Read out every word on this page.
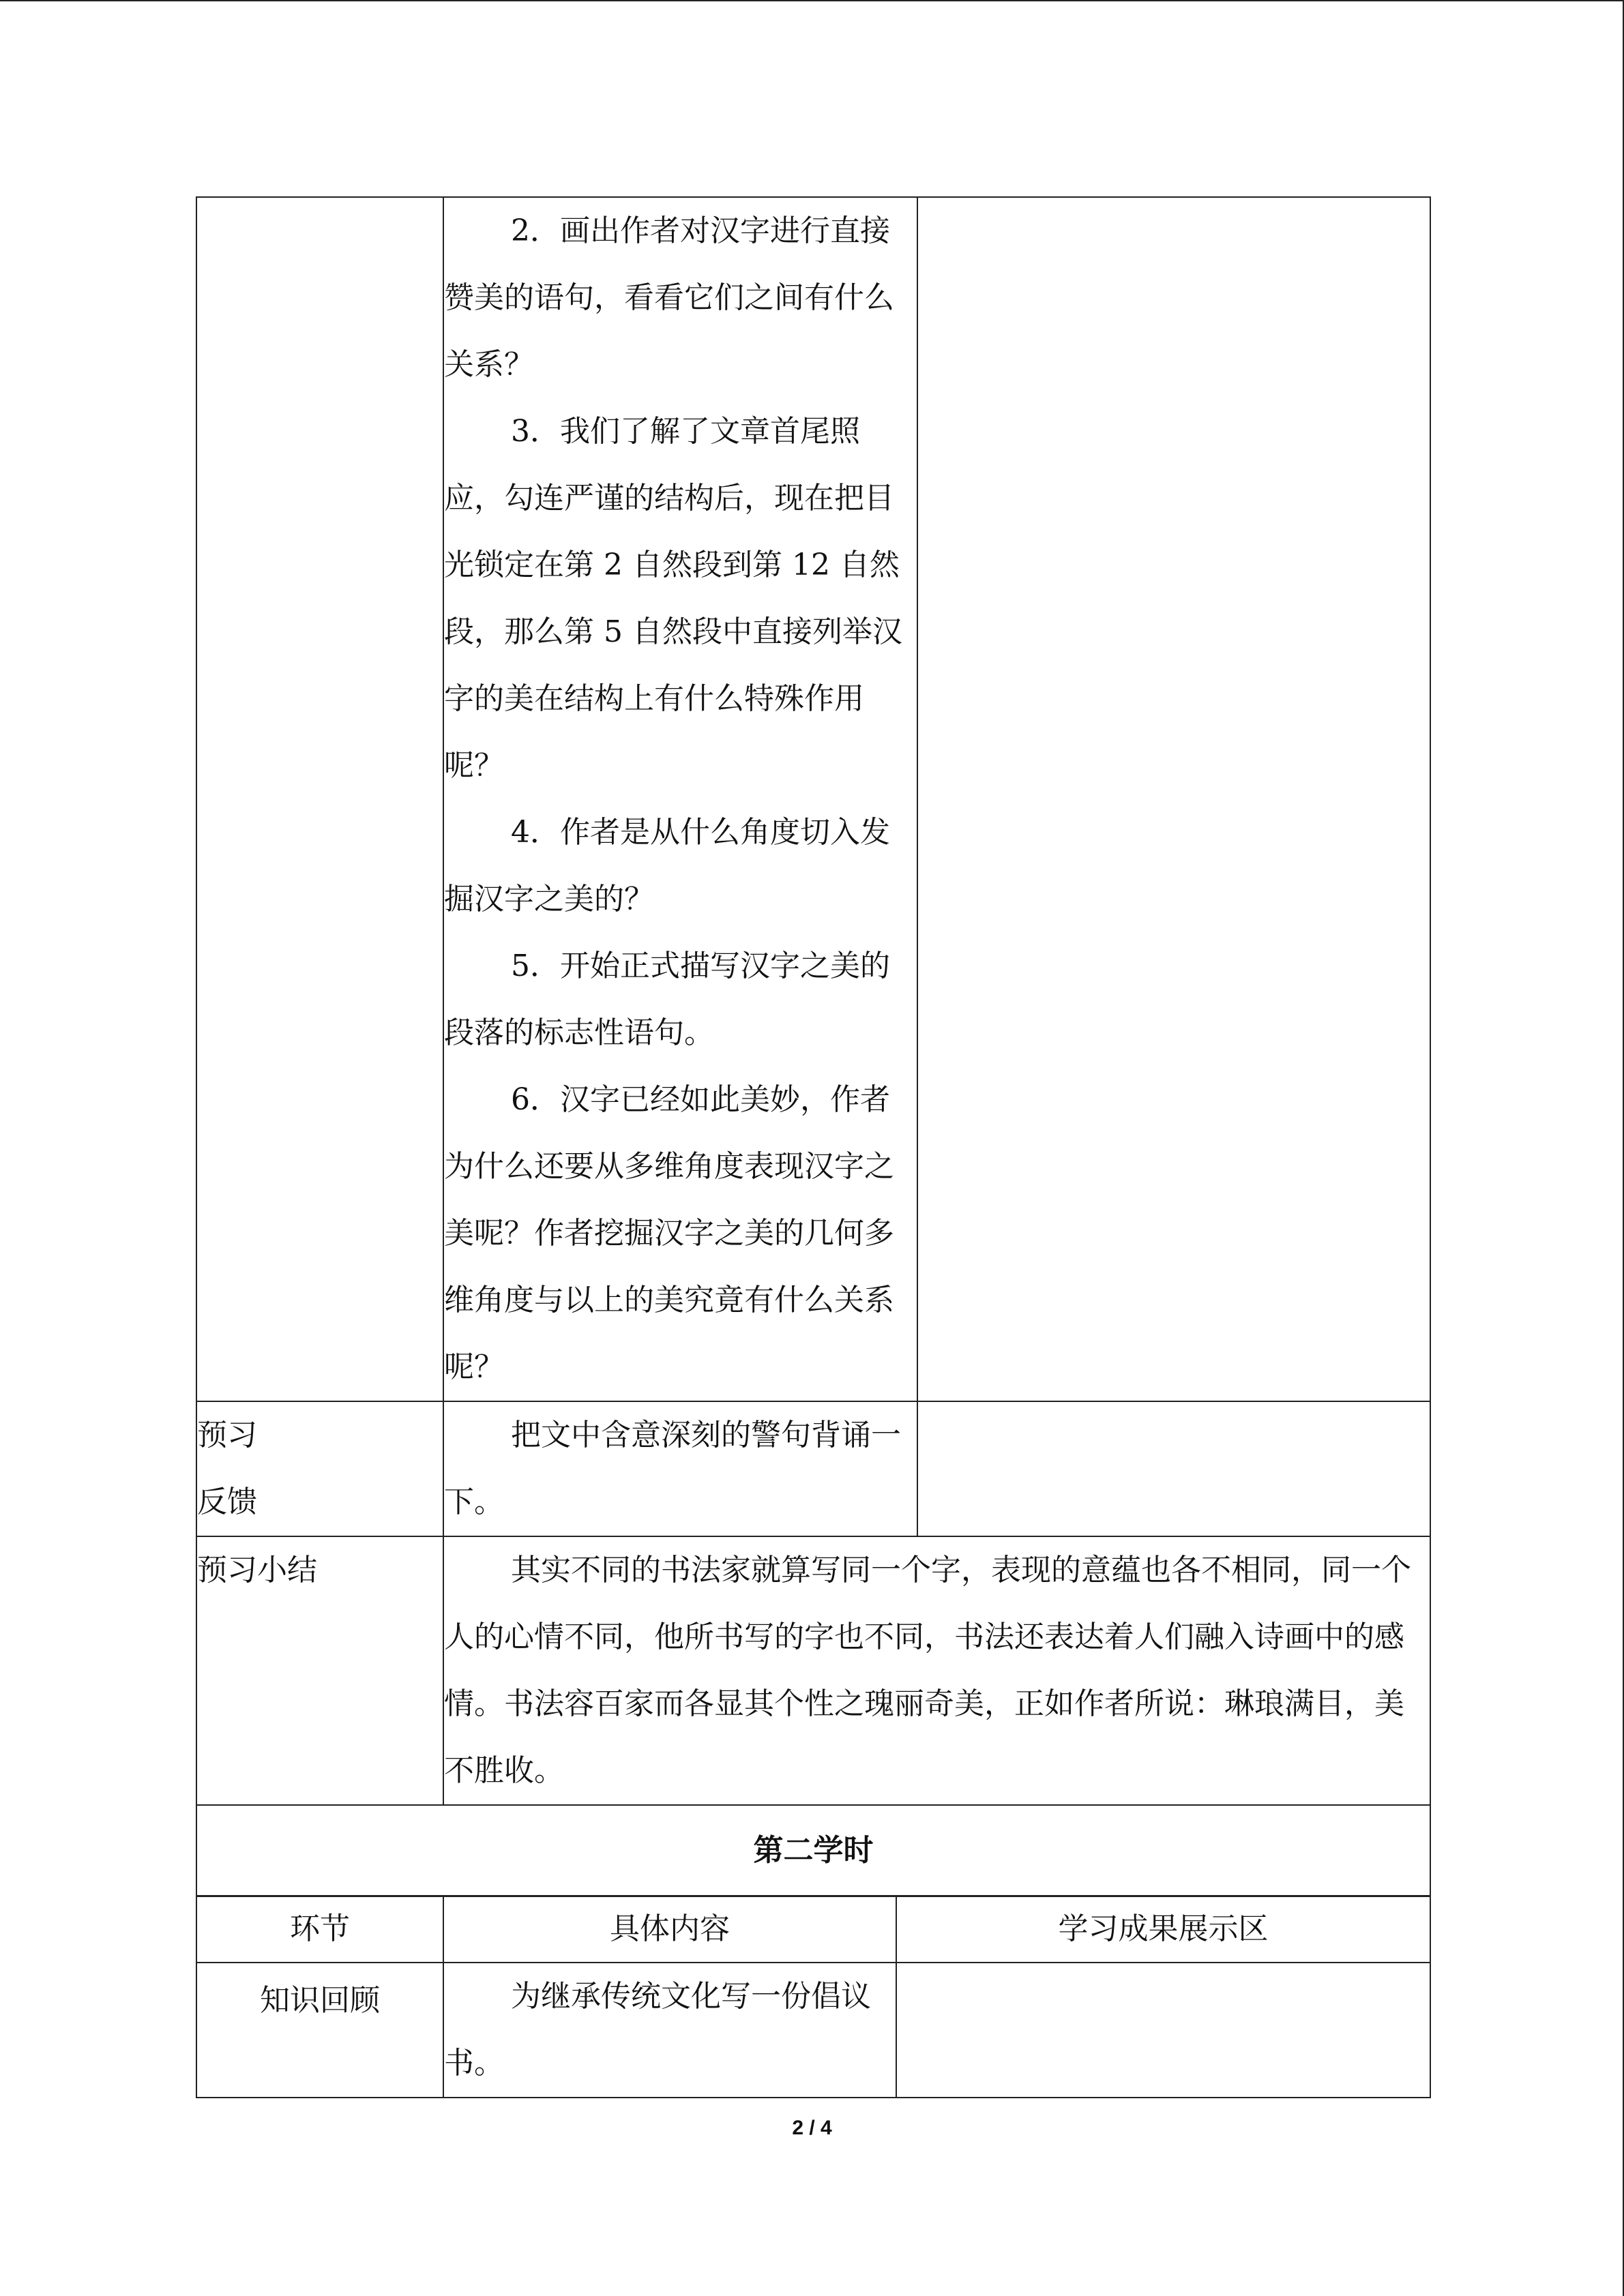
	2．画出作者对汉字进行直接赞美的语句，看看它们之间有什么关系？

3．我们了解了文章首尾照应，勾连严谨的结构后，现在把目光锁定在第 2 自然段到第 12 自然段，那么第 5 自然段中直接列举汉字的美在结构上有什么特殊作用呢？

4．作者是从什么角度切入发掘汉字之美的？

5．开始正式描写汉字之美的段落的标志性语句。

6．汉字已经如此美妙，作者为什么还要从多维角度表现汉字之美呢？作者挖掘汉字之美的几何多维角度与以上的美究竟有什么关系呢？	

预习
反馈	把文中含意深刻的警句背诵一下。	

预习小结	其实不同的书法家就算写同一个字，表现的意蕴也各不相同，同一个人的心情不同，他所书写的字也不同，书法还表达着人们融入诗画中的感情。书法容百家而各显其个性之瑰丽奇美，正如作者所说：琳琅满目，美不胜收。	

第二学时		
环节	具体内容	学习成果展示区
知识回顾	为继承传统文化写一份倡议书。	

2 / 4
